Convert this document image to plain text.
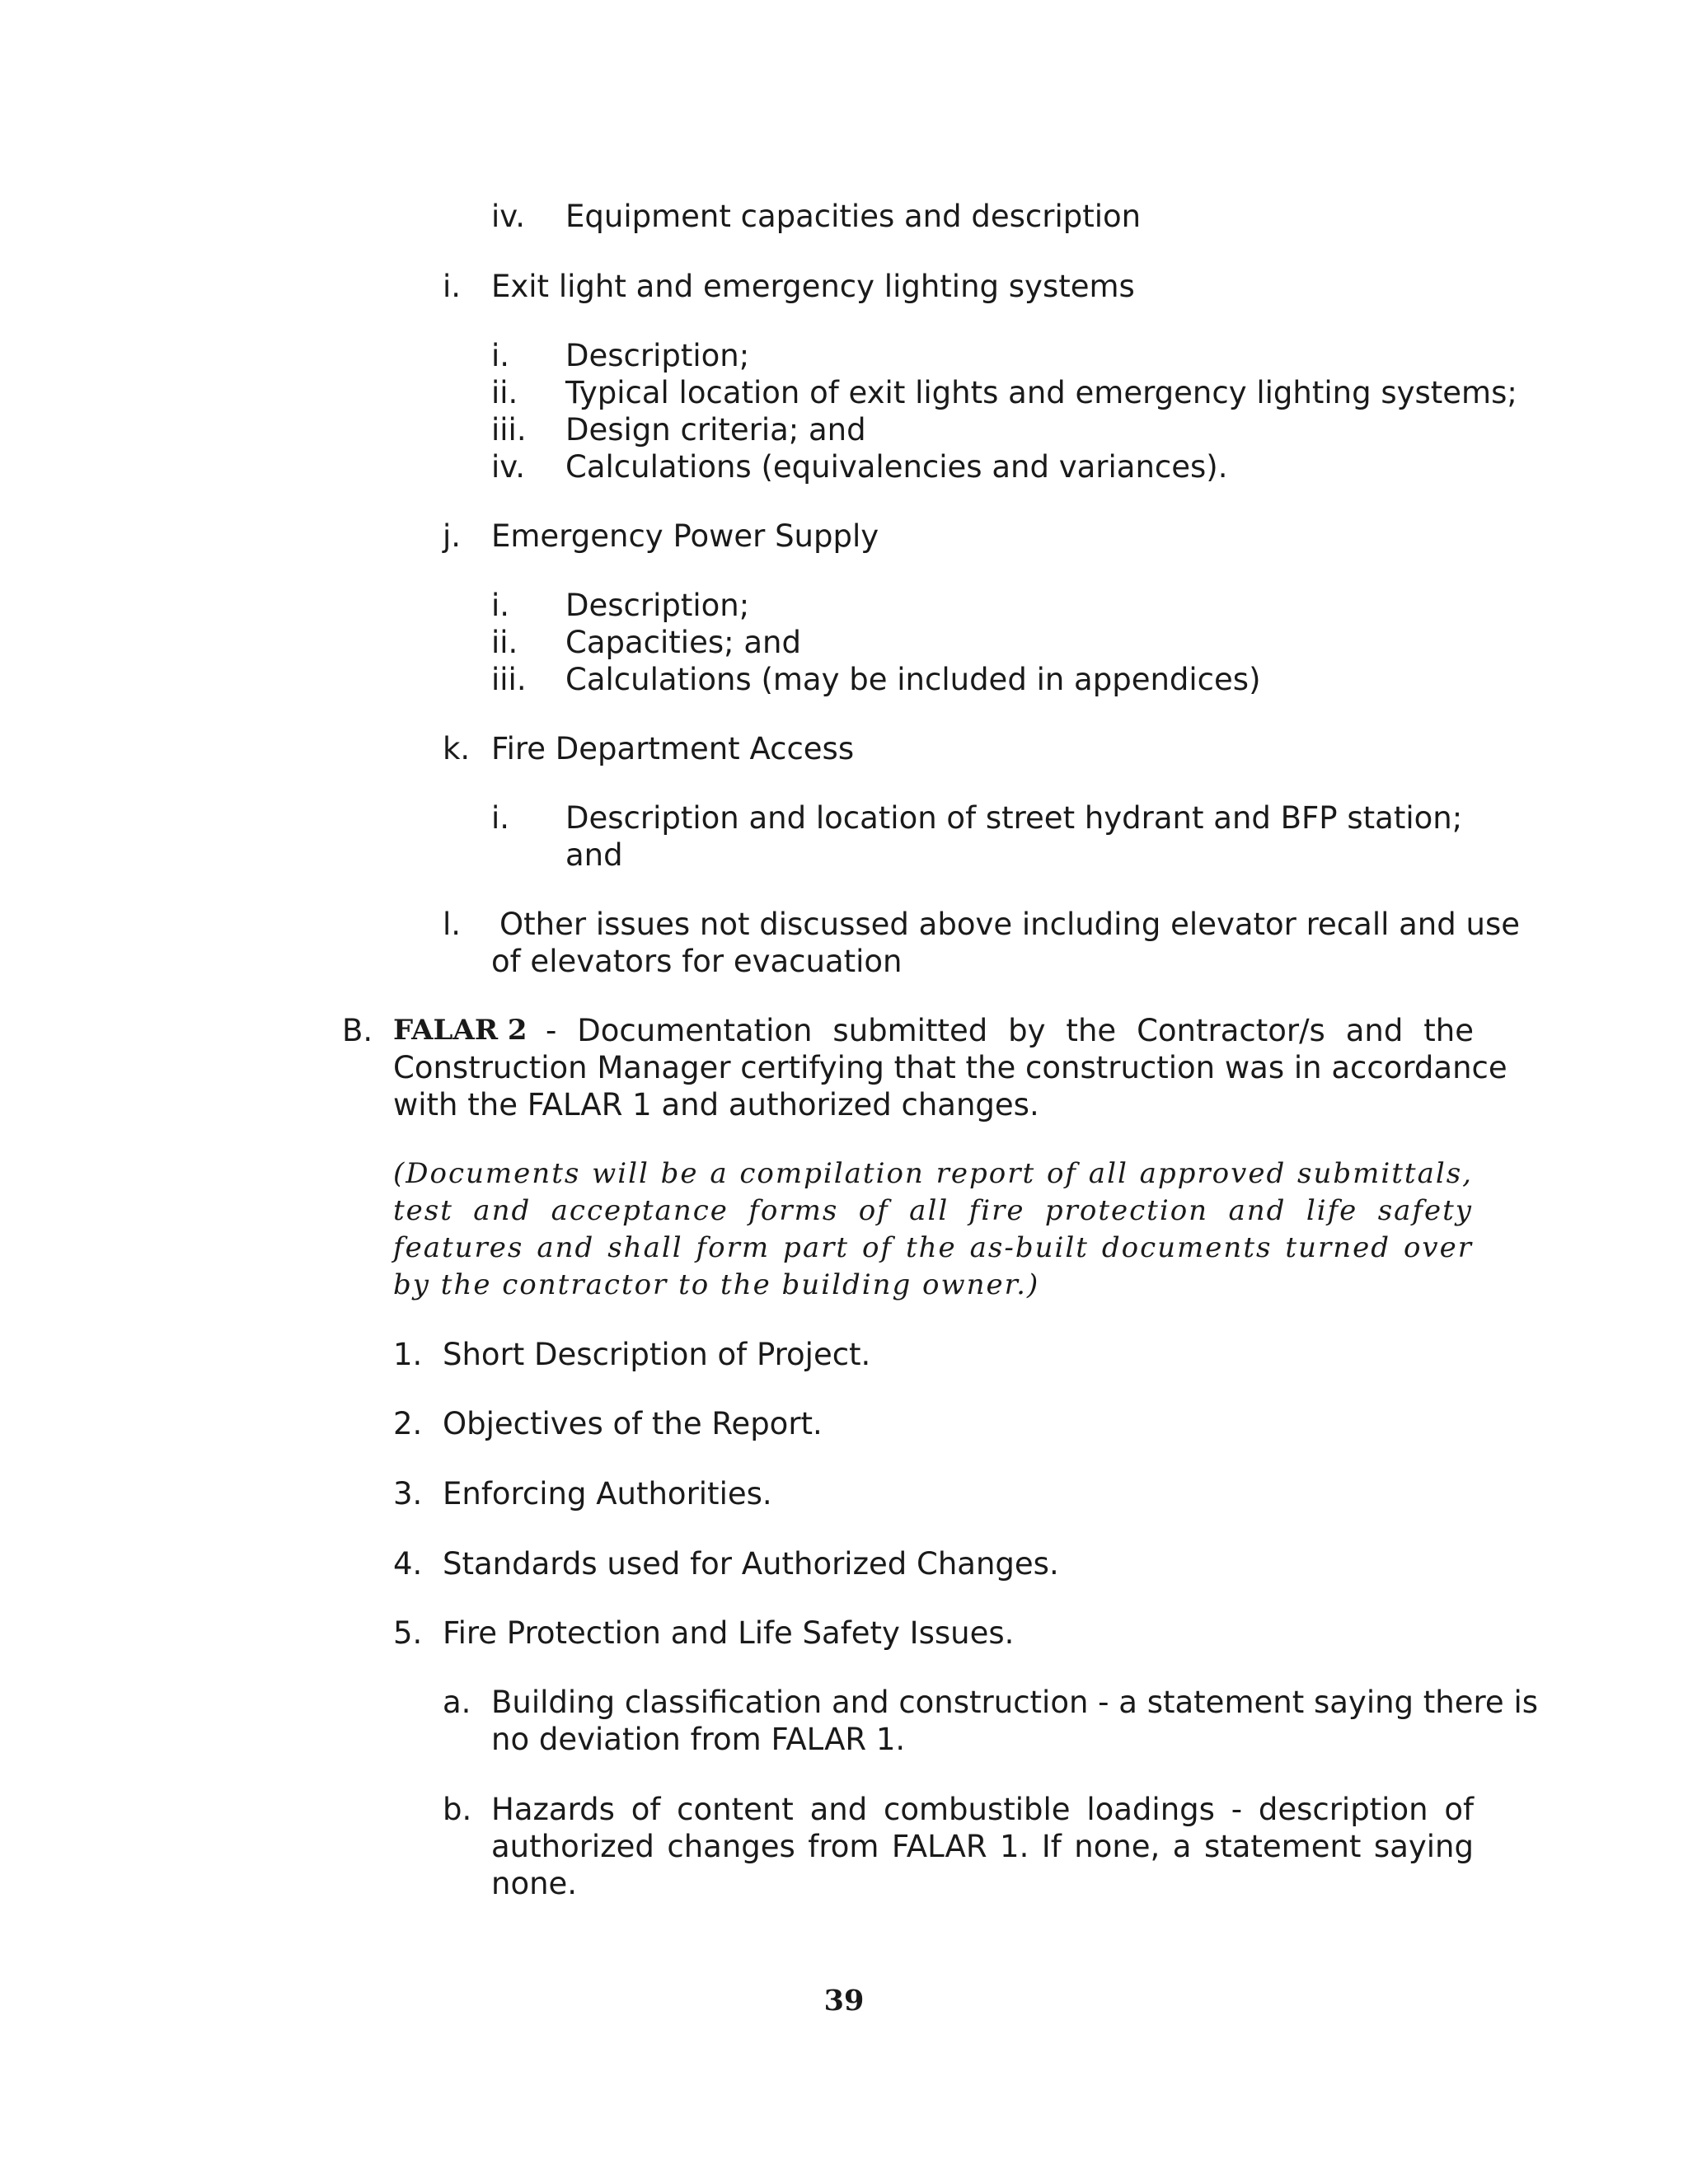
iv. Equipment capacities and description
i. Exit light and emergency lighting systems
i. Description;
ii. Typical location of exit lights and emergency lighting systems;
iii. Design criteria; and
iv. Calculations (equivalencies and variances).
j. Emergency Power Supply
i. Description;
ii. Capacities; and
iii. Calculations (may be included in appendices)
k. Fire Department Access
i. Description and location of street hydrant and BFP station;
and
l. Other issues not discussed above including elevator recall and use
of elevators for evacuation
B. FALAR 2 - Documentation submitted by the Contractor/s and the
Construction Manager certifying that the construction was in accordance
with the FALAR 1 and authorized changes.

(Documents will be a compilation report of all approved submittals, test and acceptance forms of all fire protection and life safety features and shall form part of the as-built documents turned over by the contractor to the building owner.)

1. Short Description of Project.
2. Objectives of the Report.
3. Enforcing Authorities.
4. Standards used for Authorized Changes.
5. Fire Protection and Life Safety Issues.
a. Building classification and construction - a statement saying there is
no deviation from FALAR 1.
b. Hazards of content and combustible loadings - description of
authorized changes from FALAR 1. If none, a statement saying
none.
39
